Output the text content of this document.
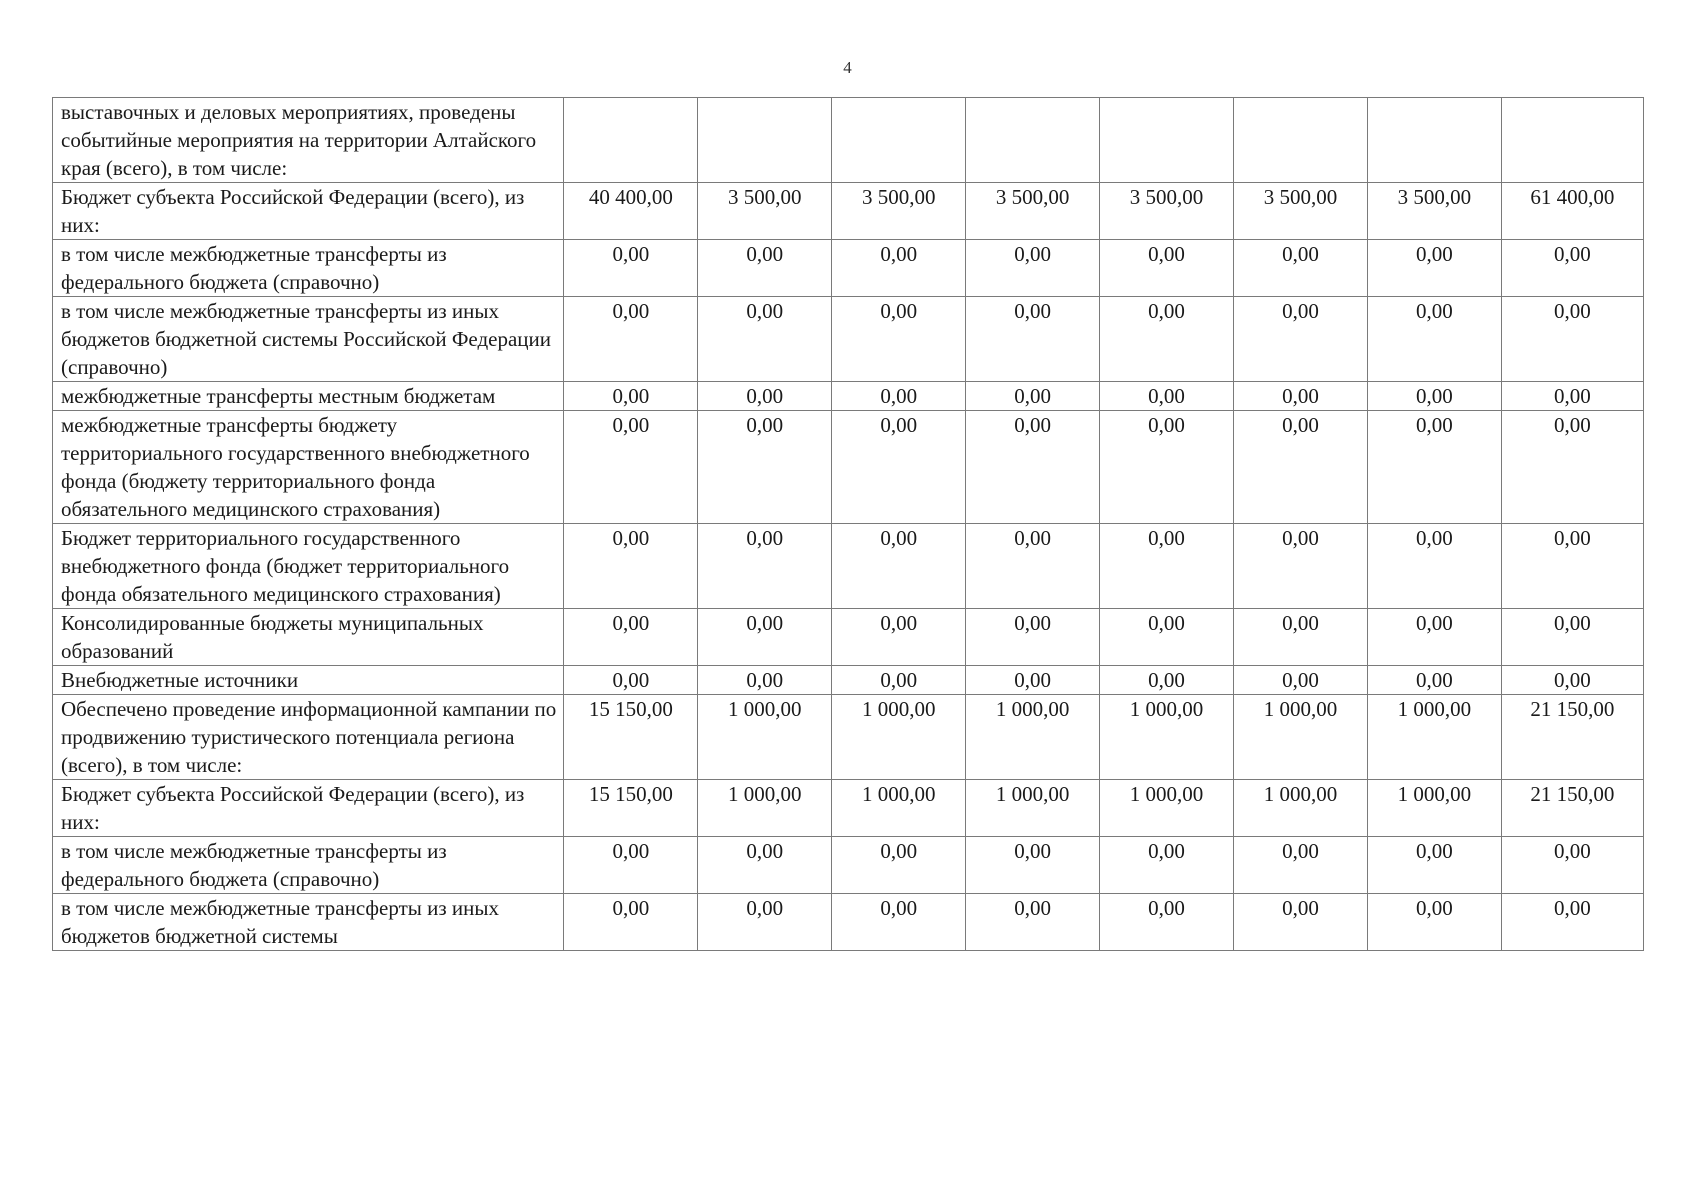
4
выставочных и деловых мероприятиях, проведены событийные мероприятия на территории Алтайского края (всего), в том числе:								
Бюджет субъекта Российской Федерации (всего), из них:	40 400,00	3 500,00	3 500,00	3 500,00	3 500,00	3 500,00	3 500,00	61 400,00
в том числе межбюджетные трансферты из федерального бюджета (справочно)	0,00	0,00	0,00	0,00	0,00	0,00	0,00	0,00
в том числе межбюджетные трансферты из иных бюджетов бюджетной системы Российской Федерации (справочно)	0,00	0,00	0,00	0,00	0,00	0,00	0,00	0,00
межбюджетные трансферты местным бюджетам	0,00	0,00	0,00	0,00	0,00	0,00	0,00	0,00
межбюджетные трансферты бюджету территориального государственного внебюджетного фонда (бюджету территориального фонда обязательного медицинского страхования)	0,00	0,00	0,00	0,00	0,00	0,00	0,00	0,00
Бюджет территориального государственного внебюджетного фонда (бюджет территориального фонда обязательного медицинского страхования)	0,00	0,00	0,00	0,00	0,00	0,00	0,00	0,00
Консолидированные бюджеты муниципальных образований	0,00	0,00	0,00	0,00	0,00	0,00	0,00	0,00
Внебюджетные источники	0,00	0,00	0,00	0,00	0,00	0,00	0,00	0,00
Обеспечено проведение информационной кампании по продвижению туристического потенциала региона (всего), в том числе:	15 150,00	1 000,00	1 000,00	1 000,00	1 000,00	1 000,00	1 000,00	21 150,00
Бюджет субъекта Российской Федерации (всего), из них:	15 150,00	1 000,00	1 000,00	1 000,00	1 000,00	1 000,00	1 000,00	21 150,00
в том числе межбюджетные трансферты из федерального бюджета (справочно)	0,00	0,00	0,00	0,00	0,00	0,00	0,00	0,00
в том числе межбюджетные трансферты из иных бюджетов бюджетной системы	0,00	0,00	0,00	0,00	0,00	0,00	0,00	0,00
